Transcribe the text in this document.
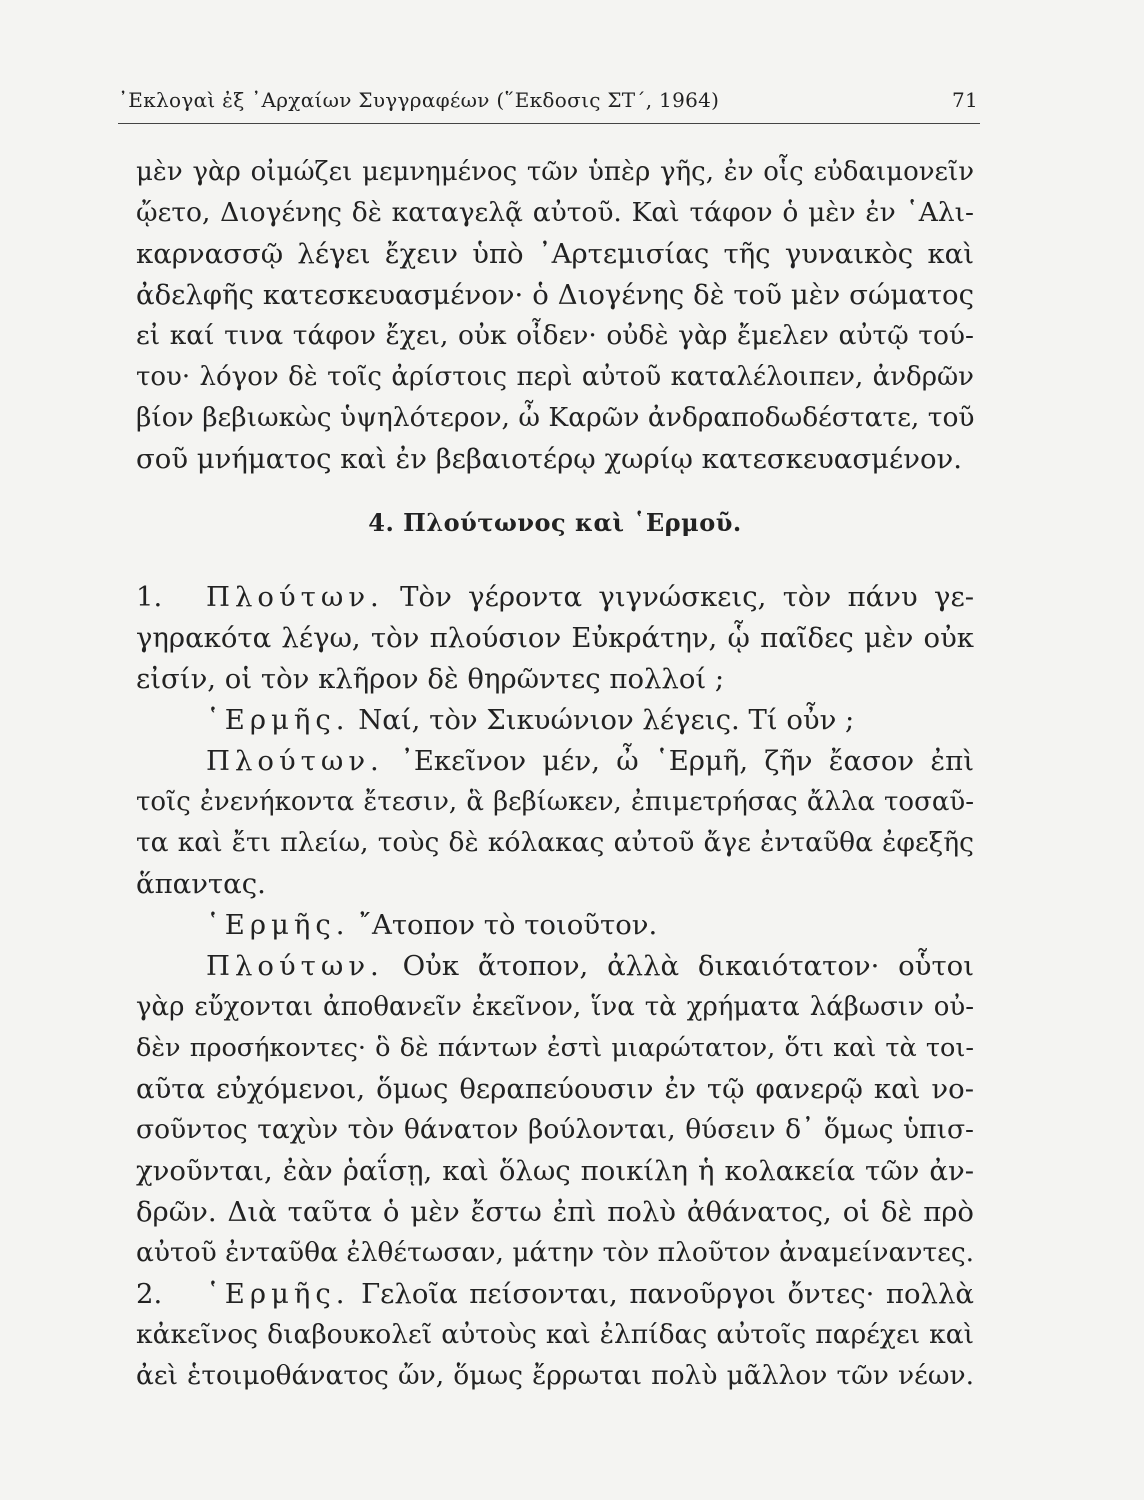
᾿Εκλογαὶ ἐξ ᾿Αρχαίων Συγγραφέων (῞Εκδοσις ΣΤ΄, 1964)	71
μὲν γὰρ οἰμώζει μεμνημένος τῶν ὑπὲρ γῆς, ἐν οἷς εὐδαιμονεῖν
ᾤετο, Διογένης δὲ καταγελᾷ αὐτοῦ. Καὶ τάφον ὁ μὲν ἐν ῾Αλι-
καρνασσῷ λέγει ἔχειν ὑπὸ ᾿Αρτεμισίας τῆς γυναικὸς καὶ
ἀδελφῆς κατεσκευασμένον· ὁ Διογένης δὲ τοῦ μὲν σώματος
εἰ καί τινα τάφον ἔχει, οὐκ οἶδεν· οὐδὲ γὰρ ἔμελεν αὐτῷ τού-
του· λόγον δὲ τοῖς ἀρίστοις περὶ αὐτοῦ καταλέλοιπεν, ἀνδρῶν
βίον βεβιωκὼς ὑψηλότερον, ὦ Καρῶν ἀνδραποδωδέστατε, τοῦ
σοῦ μνήματος καὶ ἐν βεβαιοτέρῳ χωρίῳ κατεσκευασμένον.
4. Πλούτωνος καὶ ῾Ερμοῦ.
1. Πλούτων. Τὸν γέροντα γιγνώσκεις, τὸν πάνυ γε-
γηρακότα λέγω, τὸν πλούσιον Εὐκράτην, ᾧ παῖδες μὲν οὐκ
εἰσίν, οἱ τὸν κλῆρον δὲ θηρῶντες πολλοί ;
῾Ερμῆς. Ναί, τὸν Σικυώνιον λέγεις. Τί οὖν ;
Πλούτων. ᾿Εκεῖνον μέν, ὦ ῾Ερμῆ, ζῆν ἔασον ἐπὶ
τοῖς ἐνενήκοντα ἔτεσιν, ἃ βεβίωκεν, ἐπιμετρήσας ἄλλα τοσαῦ-
τα καὶ ἔτι πλείω, τοὺς δὲ κόλακας αὐτοῦ ἄγε ἐνταῦθα ἐφεξῆς
ἅπαντας.
῾Ερμῆς. ῎Ατοπον τὸ τοιοῦτον.
Πλούτων. Οὐκ ἄτοπον, ἀλλὰ δικαιότατον· οὗτοι
γὰρ εὔχονται ἀποθανεῖν ἐκεῖνον, ἵνα τὰ χρήματα λάβωσιν οὐ-
δὲν προσήκοντες· ὃ δὲ πάντων ἐστὶ μιαρώτατον, ὅτι καὶ τὰ τοι-
αῦτα εὐχόμενοι, ὅμως θεραπεύουσιν ἐν τῷ φανερῷ καὶ νο-
σοῦντος ταχὺν τὸν θάνατον βούλονται, θύσειν δ᾿ ὅμως ὑπισ-
χνοῦνται, ἐὰν ῥαΐσῃ, καὶ ὅλως ποικίλη ἡ κολακεία τῶν ἀν-
δρῶν. Διὰ ταῦτα ὁ μὲν ἔστω ἐπὶ πολὺ ἀθάνατος, οἱ δὲ πρὸ
αὐτοῦ ἐνταῦθα ἐλθέτωσαν, μάτην τὸν πλοῦτον ἀναμείναντες.
2. ῾Ερμῆς. Γελοῖα πείσονται, πανοῦργοι ὄντες· πολλὰ
κἀκεῖνος διαβουκολεῖ αὐτοὺς καὶ ἐλπίδας αὐτοῖς παρέχει καὶ
ἀεὶ ἑτοιμοθάνατος ὤν, ὅμως ἔρρωται πολὺ μᾶλλον τῶν νέων.
